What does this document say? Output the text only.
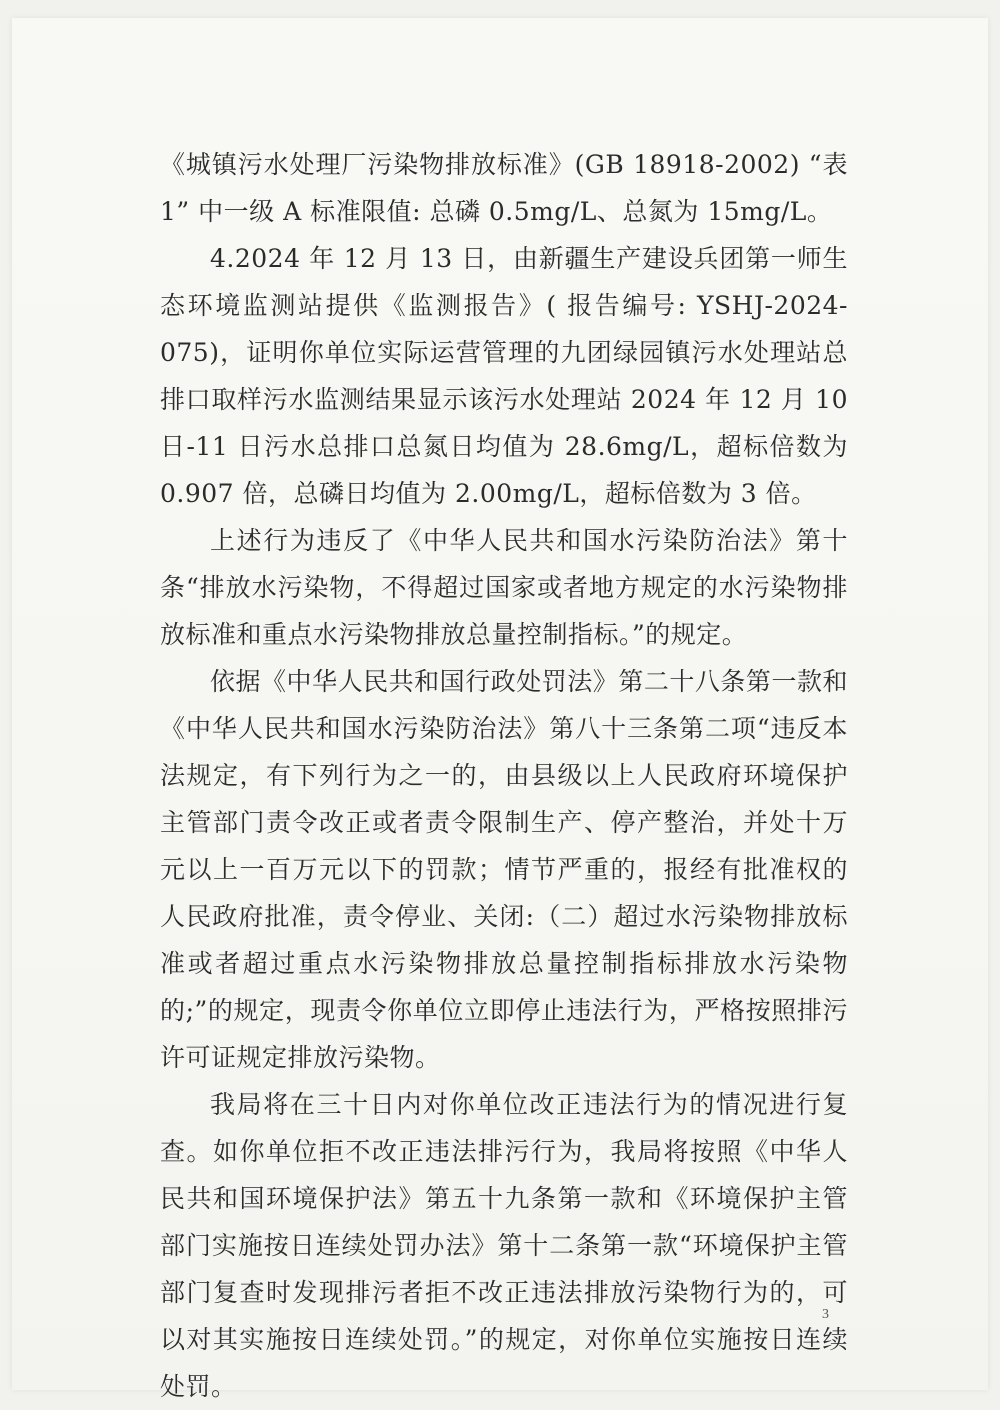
《城镇污水处理厂污染物排放标准》(GB 18918-2002) “表 1” 中一级 A 标准限值: 总磷 0.5mg/L、总氮为 15mg/L。

4.2024 年 12 月 13 日，由新疆生产建设兵团第一师生态环境监测站提供《监测报告》( 报告编号: YSHJ-2024-075)，证明你单位实际运营管理的九团绿园镇污水处理站总排口取样污水监测结果显示该污水处理站 2024 年 12 月 10 日-11 日污水总排口总氮日均值为 28.6mg/L，超标倍数为 0.907 倍，总磷日均值为 2.00mg/L，超标倍数为 3 倍。

上述行为违反了《中华人民共和国水污染防治法》第十条“排放水污染物，不得超过国家或者地方规定的水污染物排放标准和重点水污染物排放总量控制指标。”的规定。

依据《中华人民共和国行政处罚法》第二十八条第一款和《中华人民共和国水污染防治法》第八十三条第二项“违反本法规定，有下列行为之一的，由县级以上人民政府环境保护主管部门责令改正或者责令限制生产、停产整治，并处十万元以上一百万元以下的罚款；情节严重的，报经有批准权的人民政府批准，责令停业、关闭:（二）超过水污染物排放标准或者超过重点水污染物排放总量控制指标排放水污染物的;”的规定，现责令你单位立即停止违法行为，严格按照排污许可证规定排放污染物。

我局将在三十日内对你单位改正违法行为的情况进行复查。如你单位拒不改正违法排污行为，我局将按照《中华人民共和国环境保护法》第五十九条第一款和《环境保护主管部门实施按日连续处罚办法》第十二条第一款“环境保护主管部门复查时发现排污者拒不改正违法排放污染物行为的，可以对其实施按日连续处罚。”的规定，对你单位实施按日连续处罚。

3
